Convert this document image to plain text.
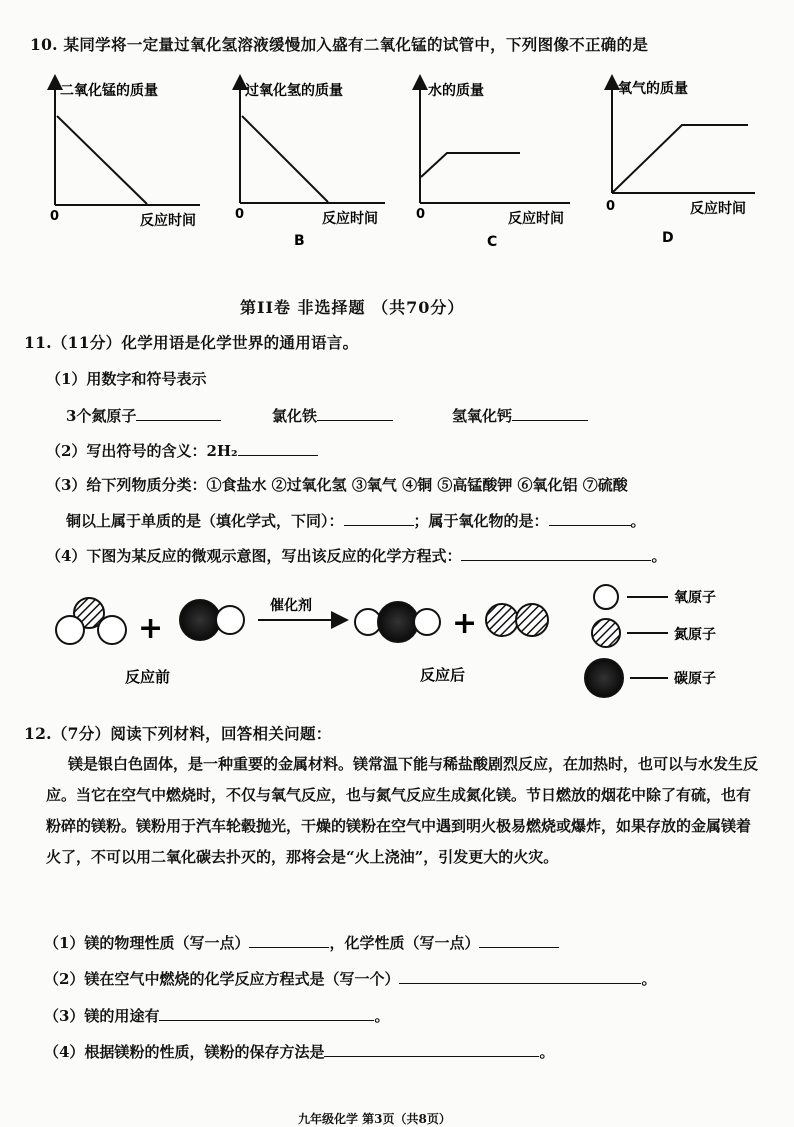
10. 某同学将一定量过氧化氢溶液缓慢加入盛有二氧化锰的试管中，下列图像不正确的是
二氧化锰的质量
0	反应时间
过氧化氢的质量
0	反应时间
B
水的质量
0	反应时间
C
氧气的质量
0	反应时间
D
第II卷 非选择题 （共70分）
11.（11分）化学用语是化学世界的通用语言。
（1）用数字和符号表示
3个氮原子	氯化铁	氢氧化钙
（2）写出符号的含义：2H₂
（3）给下列物质分类：①食盐水 ②过氧化氢 ③氧气 ④铜 ⑤高锰酸钾 ⑥氧化铝 ⑦硫酸
铜以上属于单质的是（填化学式，下同）：	；属于氧化物的是：	。
（4）下图为某反应的微观示意图，写出该反应的化学方程式：	。
+
催化剂	+
反应前	反应后
氧原子
氮原子
碳原子
12.（7分）阅读下列材料，回答相关问题：
镁是银白色固体，是一种重要的金属材料。镁常温下能与稀盐酸剧烈反应，在加热时，也可以与水发生反应。当它在空气中燃烧时，不仅与氧气反应，也与氮气反应生成氮化镁。节日燃放的烟花中除了有硫，也有粉碎的镁粉。镁粉用于汽车轮毂抛光，干燥的镁粉在空气中遇到明火极易燃烧或爆炸，如果存放的金属镁着火了，不可以用二氧化碳去扑灭的，那将会是“火上浇油”，引发更大的火灾。
（1）镁的物理性质（写一点）	，化学性质（写一点）
（2）镁在空气中燃烧的化学反应方程式是（写一个）	。
（3）镁的用途有	。
（4）根据镁粉的性质，镁粉的保存方法是	。
九年级化学 第3页（共8页）
